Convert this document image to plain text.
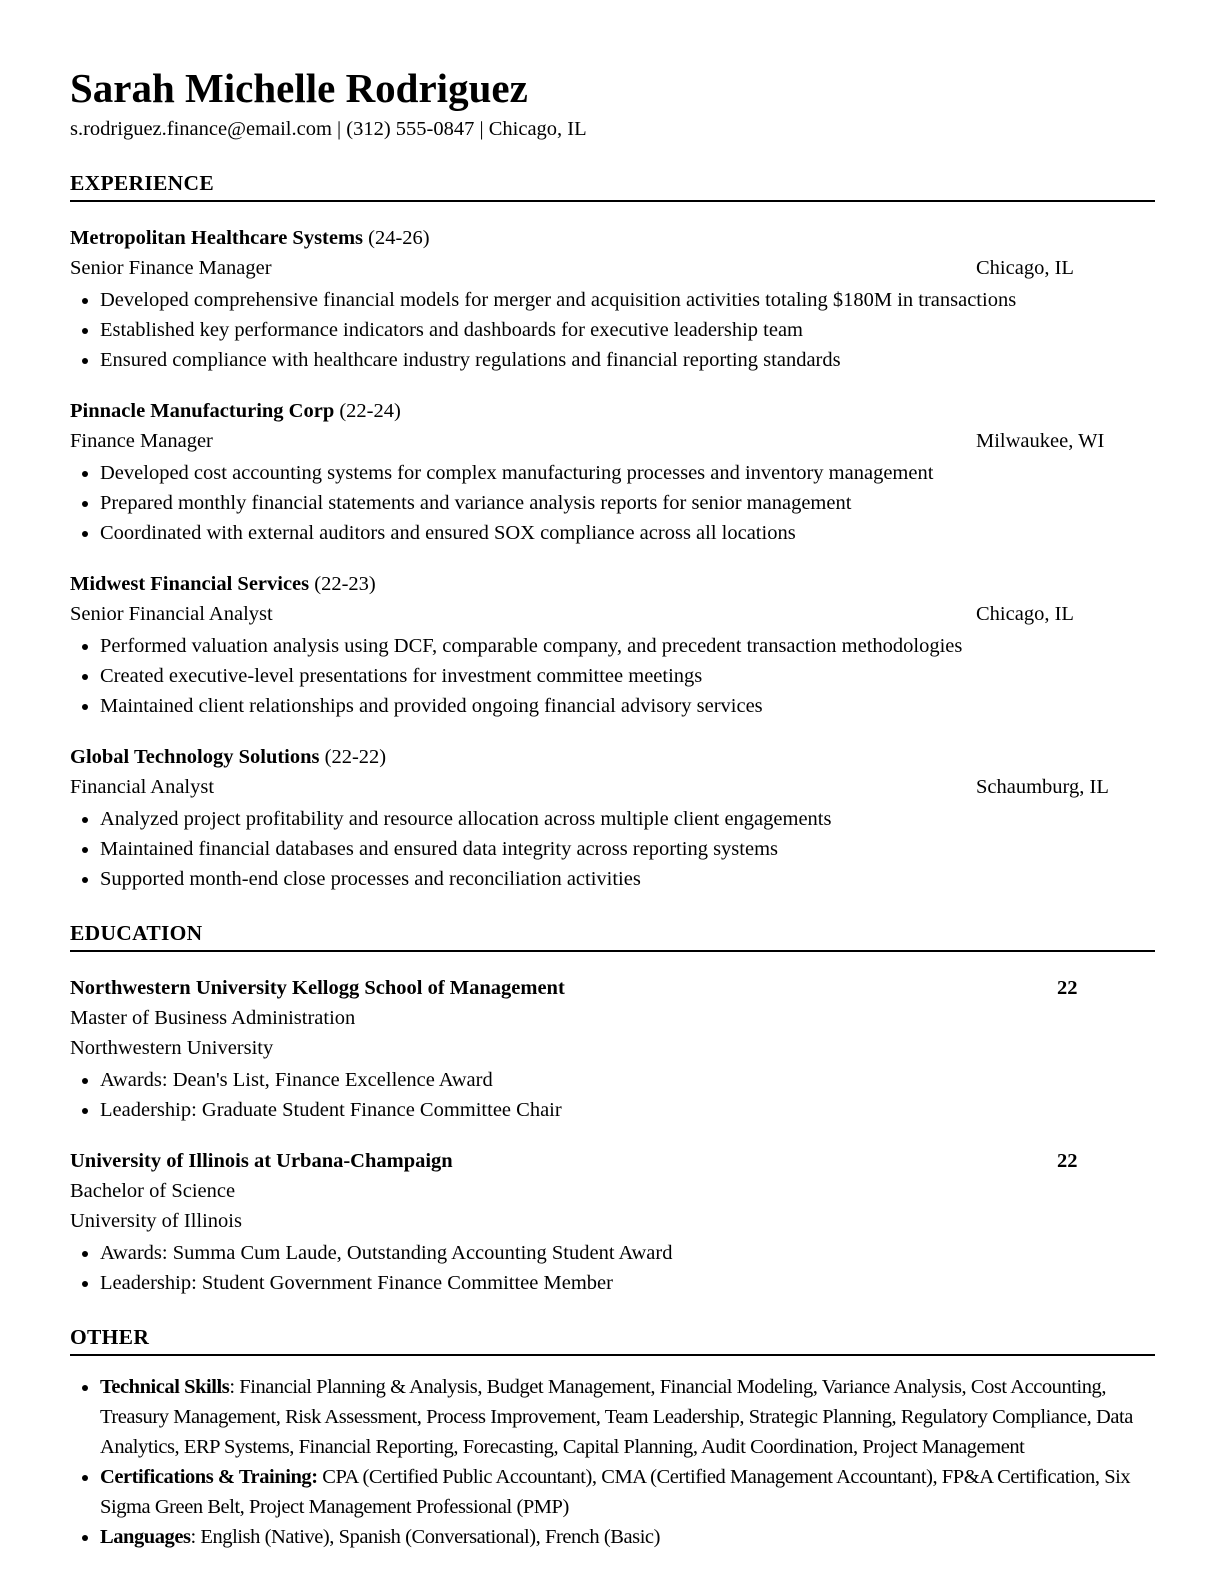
Sarah Michelle Rodriguez
s.rodriguez.finance@email.com | (312) 555-0847 | Chicago, IL
EXPERIENCE
Metropolitan Healthcare Systems (24-26)
Senior Finance Manager	Chicago, IL
• Developed comprehensive financial models for merger and acquisition activities totaling $180M in transactions
• Established key performance indicators and dashboards for executive leadership team
• Ensured compliance with healthcare industry regulations and financial reporting standards
Pinnacle Manufacturing Corp (22-24)
Finance Manager	Milwaukee, WI
• Developed cost accounting systems for complex manufacturing processes and inventory management
• Prepared monthly financial statements and variance analysis reports for senior management
• Coordinated with external auditors and ensured SOX compliance across all locations
Midwest Financial Services (22-23)
Senior Financial Analyst	Chicago, IL
• Performed valuation analysis using DCF, comparable company, and precedent transaction methodologies
• Created executive-level presentations for investment committee meetings
• Maintained client relationships and provided ongoing financial advisory services
Global Technology Solutions (22-22)
Financial Analyst	Schaumburg, IL
• Analyzed project profitability and resource allocation across multiple client engagements
• Maintained financial databases and ensured data integrity across reporting systems
• Supported month-end close processes and reconciliation activities
EDUCATION
Northwestern University Kellogg School of Management	22
Master of Business Administration
Northwestern University
• Awards: Dean's List, Finance Excellence Award
• Leadership: Graduate Student Finance Committee Chair
University of Illinois at Urbana-Champaign	22
Bachelor of Science
University of Illinois
• Awards: Summa Cum Laude, Outstanding Accounting Student Award
• Leadership: Student Government Finance Committee Member
OTHER
• Technical Skills: Financial Planning & Analysis, Budget Management, Financial Modeling, Variance Analysis, Cost Accounting, Treasury Management, Risk Assessment, Process Improvement, Team Leadership, Strategic Planning, Regulatory Compliance, Data Analytics, ERP Systems, Financial Reporting, Forecasting, Capital Planning, Audit Coordination, Project Management
• Certifications & Training: CPA (Certified Public Accountant), CMA (Certified Management Accountant), FP&A Certification, Six Sigma Green Belt, Project Management Professional (PMP)
• Languages: English (Native), Spanish (Conversational), French (Basic)
